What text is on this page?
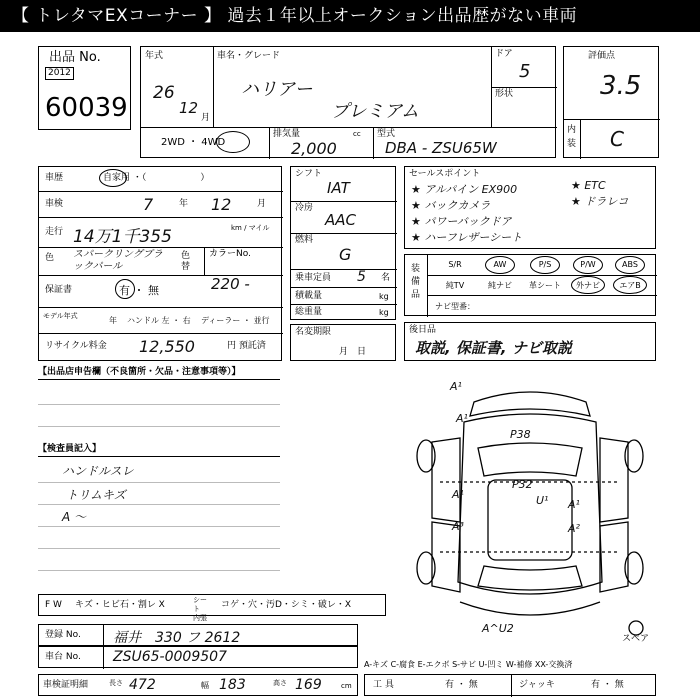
【 トレタマEXコーナー 】 過去１年以上オークション出品歴がない車両
出品 No.
2012
60039
年式
26
12
月
車名・グレード
ハリアー
プレミアム
ドア
5
形状
2WD ・ 4WD
排気量	cc
2,000
型式
DBA - ZSU65W
評価点
3.5
内装 C
車歴	自家用 ・（　　　　　　）
車検	7	年 12	月
走行 14万1千355	km / マイル
色 スパークリングブラックパール
色替
カラーNo.
220 -
保証書	有 ・ 無
モデル年式	年 ハンドル 左 ・ 右 ディーラー ・ 並行
リサイクル料金 12,550	円 預託済
シフト
IAT
冷房
AAC
燃料
G
乗車定員 5 名
積載量	kg
総重量	kg
名変期限
月　日
セールスポイント
★ アルパイン EX900	★ ETC
★ バックカメラ	★ ドラレコ
★ パワーバックドア
★ ハーフレザーシート
装備品
S/R	AW	P/S	P/W	ABS
純TV	純ナビ	革シート	外ナビ	エアB
ナビ型番：
後日品
取説, 保証書, ナビ取説
【出品店申告欄（不良箇所・欠品・注意事項等）】
【検査員記入】
ハンドルスレ
トリムキズ
A ～
A¹
A¹
P38
P32
U¹
A¹
A³
A¹
A²
A^U2
スペア
F W キズ・ヒビ石・割レ X	シート 内張
コゲ・穴・汚D・シミ・破レ・X
登録 No. 福井　330 フ 2612
車台 No. ZSU65-0009507
車検証明細	長さ 472	幅 183	高さ 169	cm
A-キズ C-腐食 E-エクボ S-サビ U-凹ミ W-補修 XX-交換済
工 具	有 ・ 無	ジャッキ	有 ・ 無
